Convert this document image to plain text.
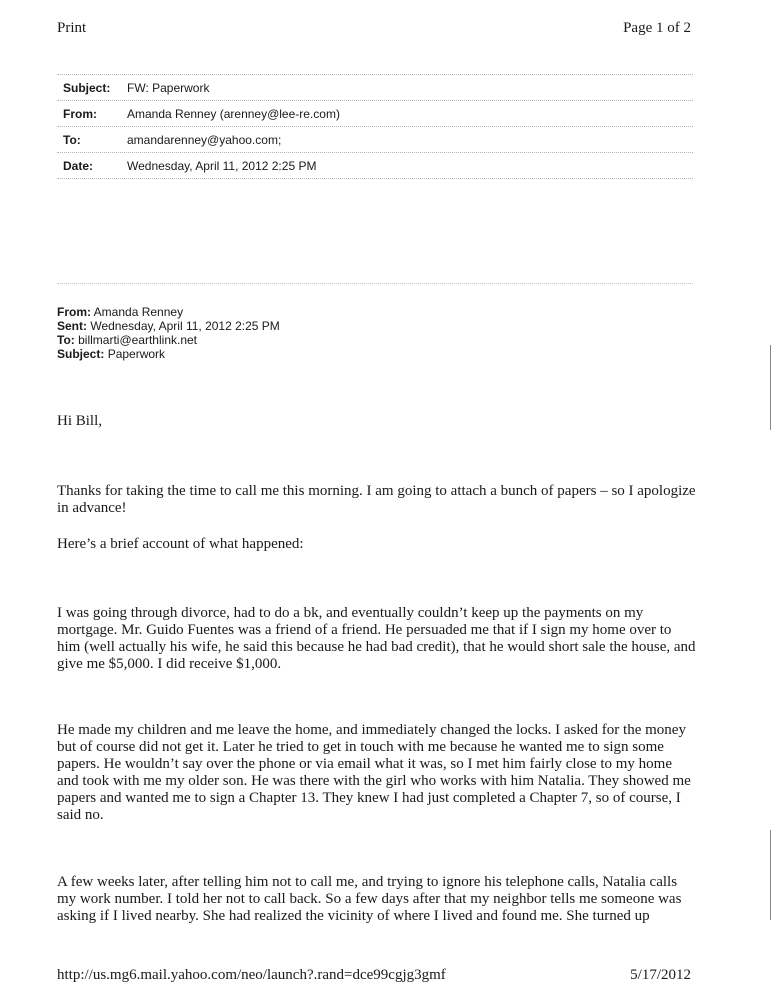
Print	Page 1 of 2
Subject:	FW: Paperwork
From:	Amanda Renney (arenney@lee-re.com)
To:	amandarenney@yahoo.com;
Date:	Wednesday, April 11, 2012 2:25 PM
From: Amanda Renney
Sent: Wednesday, April 11, 2012 2:25 PM
To: billmarti@earthlink.net
Subject: Paperwork

Hi Bill,

Thanks for taking the time to call me this morning. I am going to attach a bunch of papers – so I apologize in advance!

Here’s a brief account of what happened:

I was going through divorce, had to do a bk, and eventually couldn’t keep up the payments on my mortgage. Mr. Guido Fuentes was a friend of a friend. He persuaded me that if I sign my home over to him (well actually his wife, he said this because he had bad credit), that he would short sale the house, and give me $5,000. I did receive $1,000.

He made my children and me leave the home, and immediately changed the locks. I asked for the money but of course did not get it. Later he tried to get in touch with me because he wanted me to sign some papers. He wouldn’t say over the phone or via email what it was, so I met him fairly close to my home and took with me my older son. He was there with the girl who works with him Natalia. They showed me papers and wanted me to sign a Chapter 13. They knew I had just completed a Chapter 7, so of course, I said no.

A few weeks later, after telling him not to call me, and trying to ignore his telephone calls, Natalia calls my work number. I told her not to call back. So a few days after that my neighbor tells me someone was asking if I lived nearby. She had realized the vicinity of where I lived and found me. She turned up

http://us.mg6.mail.yahoo.com/neo/launch?.rand=dce99cgjg3gmf	5/17/2012
